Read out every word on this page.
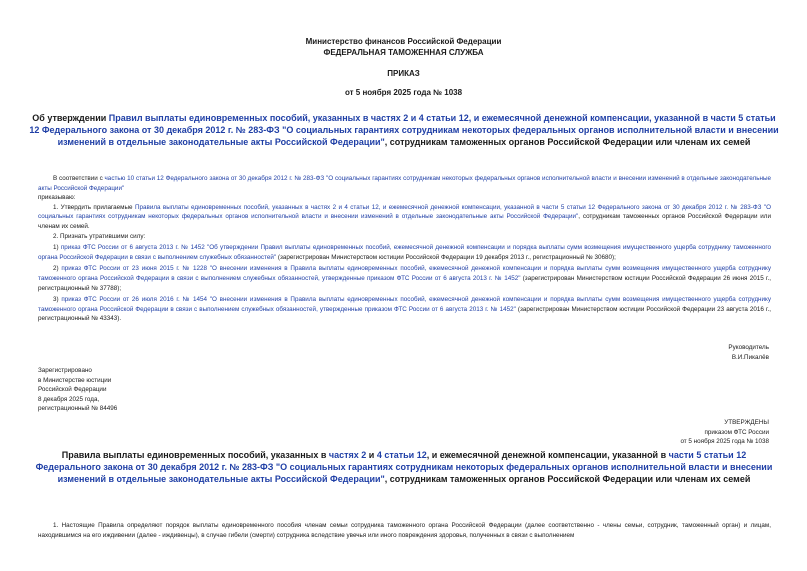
Министерство финансов Российской Федерации
ФЕДЕРАЛЬНАЯ ТАМОЖЕННАЯ СЛУЖБА
ПРИКАЗ
от 5 ноября 2025 года № 1038
Об утверждении Правил выплаты единовременных пособий, указанных в частях 2 и 4 статьи 12, и ежемесячной денежной компенсации, указанной в части 5 статьи 12 Федерального закона от 30 декабря 2012 г. № 283-ФЗ "О социальных гарантиях сотрудникам некоторых федеральных органов исполнительной власти и внесении изменений в отдельные законодательные акты Российской Федерации", сотрудникам таможенных органов Российской Федерации или членам их семей

В соответствии с частью 10 статьи 12 Федерального закона от 30 декабря 2012 г. № 283-ФЗ "О социальных гарантиях сотрудникам некоторых федеральных органов исполнительной власти и внесении изменений в отдельные законодательные акты Российской Федерации"

приказываю:

1. Утвердить прилагаемые Правила выплаты единовременных пособий, указанных в частях 2 и 4 статьи 12, и ежемесячной денежной компенсации, указанной в части 5 статьи 12 Федерального закона от 30 декабря 2012 г. № 283-ФЗ "О социальных гарантиях сотрудникам некоторых федеральных органов исполнительной власти и внесении изменений в отдельные законодательные акты Российской Федерации", сотрудникам таможенных органов Российской Федерации или членам их семей.

2. Признать утратившими силу:

1) приказ ФТС России от 6 августа 2013 г. № 1452 "Об утверждении Правил выплаты единовременных пособий, ежемесячной денежной компенсации и порядка выплаты сумм возмещения имущественного ущерба сотруднику таможенного органа Российской Федерации в связи с выполнением служебных обязанностей" (зарегистрирован Министерством юстиции Российской Федерации 19 декабря 2013 г., регистрационный № 30680);

2) приказ ФТС России от 23 июня 2015 г. № 1228 "О внесении изменения в Правила выплаты единовременных пособий, ежемесячной денежной компенсации и порядка выплаты сумм возмещения имущественного ущерба сотруднику таможенного органа Российской Федерации в связи с выполнением служебных обязанностей, утвержденные приказом ФТС России от 6 августа 2013 г. № 1452" (зарегистрирован Министерством юстиции Российской Федерации 26 июня 2015 г., регистрационный № 37788);

3) приказ ФТС России от 26 июля 2016 г. № 1454 "О внесении изменения в Правила выплаты единовременных пособий, ежемесячной денежной компенсации и порядка выплаты сумм возмещения имущественного ущерба сотруднику таможенного органа Российской Федерации в связи с выполнением служебных обязанностей, утвержденные приказом ФТС России от 6 августа 2013 г. № 1452" (зарегистрирован Министерством юстиции Российской Федерации 23 августа 2016 г., регистрационный № 43343).

Руководитель
В.И.Пикалёв
Зарегистрировано
в Министерстве юстиции
Российской Федерации
8 декабря 2025 года,
регистрационный № 84496
УТВЕРЖДЕНЫ
приказом ФТС России
от 5 ноября 2025 года № 1038
Правила выплаты единовременных пособий, указанных в частях 2 и 4 статьи 12, и ежемесячной денежной компенсации, указанной в части 5 статьи 12 Федерального закона от 30 декабря 2012 г. № 283-ФЗ "О социальных гарантиях сотрудникам некоторых федеральных органов исполнительной власти и внесении изменений в отдельные законодательные акты Российской Федерации", сотрудникам таможенных органов Российской Федерации или членам их семей

1. Настоящие Правила определяют порядок выплаты единовременного пособия членам семьи сотрудника таможенного органа Российской Федерации (далее соответственно - члены семьи, сотрудник, таможенный орган) и лицам, находившимся на его иждивении (далее - иждивенцы), в случае гибели (смерти) сотрудника вследствие увечья или иного повреждения здоровья, полученных в связи с выполнением
